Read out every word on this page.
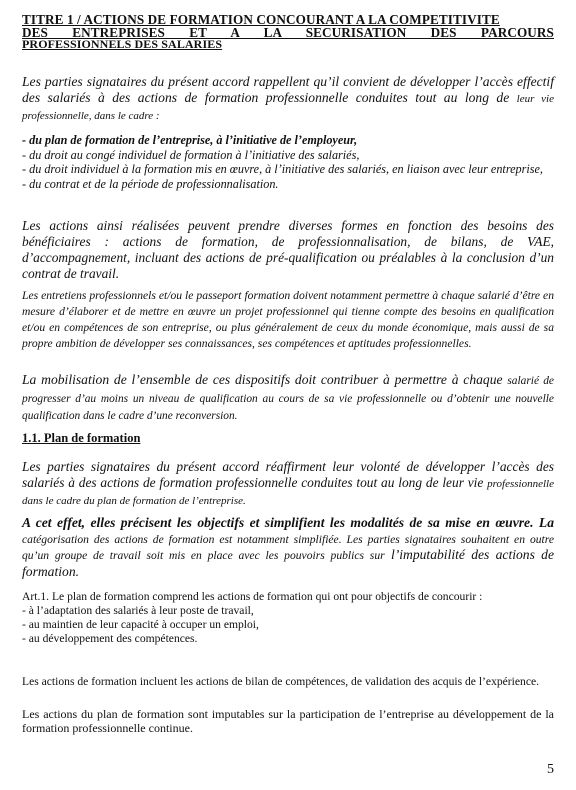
TITRE 1 / ACTIONS DE FORMATION CONCOURANT A LA COMPETITIVITE

DES ENTREPRISES ET A LA SECURISATION DES PARCOURS
PROFESSIONNELS DES SALARIES
Les parties signataires du présent accord rappellent qu’il convient de développer l’accès effectif des salariés à des actions de formation professionnelle conduites tout au long de leur vie professionnelle, dans le cadre :
- du plan de formation de l’entreprise, à l’initiative de l’employeur,
- du droit au congé individuel de formation à l’initiative des salariés,
- du droit individuel à la formation mis en œuvre, à l’initiative des salariés, en liaison avec leur entreprise,
- du contrat et de la période de professionnalisation.
Les actions ainsi réalisées peuvent prendre diverses formes en fonction des besoins des bénéficiaires : actions de formation, de professionnalisation, de bilans, de VAE, d’accompagnement, incluant des actions de pré-qualification ou préalables à la conclusion d’un contrat de travail.
Les entretiens professionnels et/ou le passeport formation doivent notamment permettre à chaque salarié d’être en mesure d’élaborer et de mettre en œuvre un projet professionnel qui tienne compte des besoins en qualification et/ou en compétences de son entreprise, ou plus généralement de ceux du monde économique, mais aussi de sa propre ambition de développer ses connaissances, ses compétences et aptitudes professionnelles.
La mobilisation de l’ensemble de ces dispositifs doit contribuer à permettre à chaque salarié de progresser d’au moins un niveau de qualification au cours de sa vie professionnelle ou d’obtenir une nouvelle qualification dans le cadre d’une reconversion.
1.1. Plan de formation
Les parties signataires du présent accord réaffirment leur volonté de développer l’accès des salariés à des actions de formation professionnelle conduites tout au long de leur vie professionnelle dans le cadre du plan de formation de l’entreprise.
A cet effet, elles précisent les objectifs et simplifient les modalités de sa mise en œuvre. La catégorisation des actions de formation est notamment simplifiée. Les parties signataires souhaitent en outre qu’un groupe de travail soit mis en place avec les pouvoirs publics sur l’imputabilité des actions de formation.
Art.1. Le plan de formation comprend les actions de formation qui ont pour objectifs de concourir :
- à l’adaptation des salariés à leur poste de travail,
- au maintien de leur capacité à occuper un emploi,
- au développement des compétences.
Les actions de formation incluent les actions de bilan de compétences, de validation des acquis de l’expérience.
Les actions du plan de formation sont imputables sur la participation de l’entreprise au développement de la formation professionnelle continue.
5
